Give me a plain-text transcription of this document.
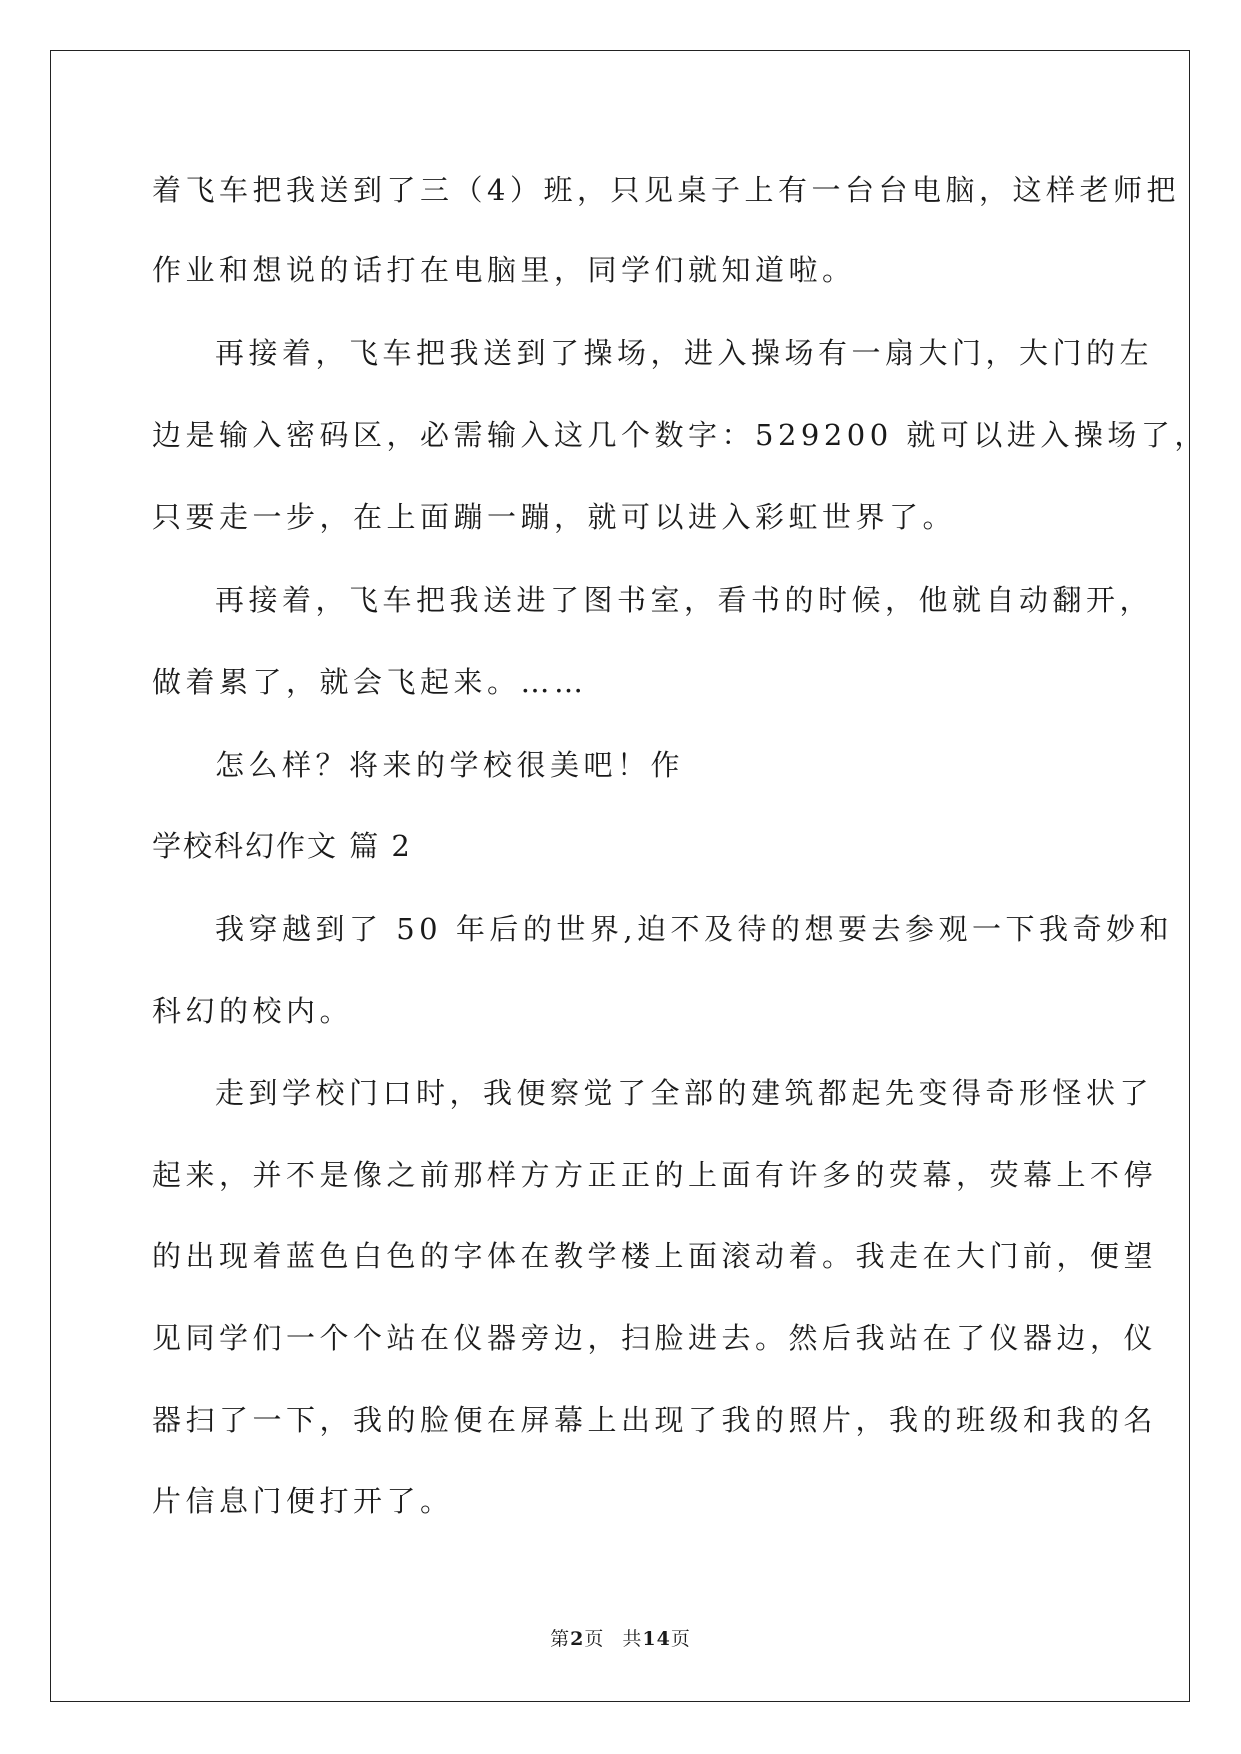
着飞车把我送到了三（4）班，只见桌子上有一台台电脑，这样老师把
作业和想说的话打在电脑里，同学们就知道啦。
再接着，飞车把我送到了操场，进入操场有一扇大门，大门的左
边是输入密码区，必需输入这几个数字：529200 就可以进入操场了，
只要走一步，在上面蹦一蹦，就可以进入彩虹世界了。
再接着，飞车把我送进了图书室，看书的时候，他就自动翻开，
做着累了，就会飞起来。……
怎么样？将来的学校很美吧！作
学校科幻作文 篇 2
我穿越到了 50 年后的世界,迫不及待的想要去参观一下我奇妙和
科幻的校内。
走到学校门口时，我便察觉了全部的建筑都起先变得奇形怪状了
起来，并不是像之前那样方方正正的上面有许多的荧幕，荧幕上不停
的出现着蓝色白色的字体在教学楼上面滚动着。我走在大门前，便望
见同学们一个个站在仪器旁边，扫脸进去。然后我站在了仪器边，仪
器扫了一下，我的脸便在屏幕上出现了我的照片，我的班级和我的名
片信息门便打开了。
第2页 共14页
